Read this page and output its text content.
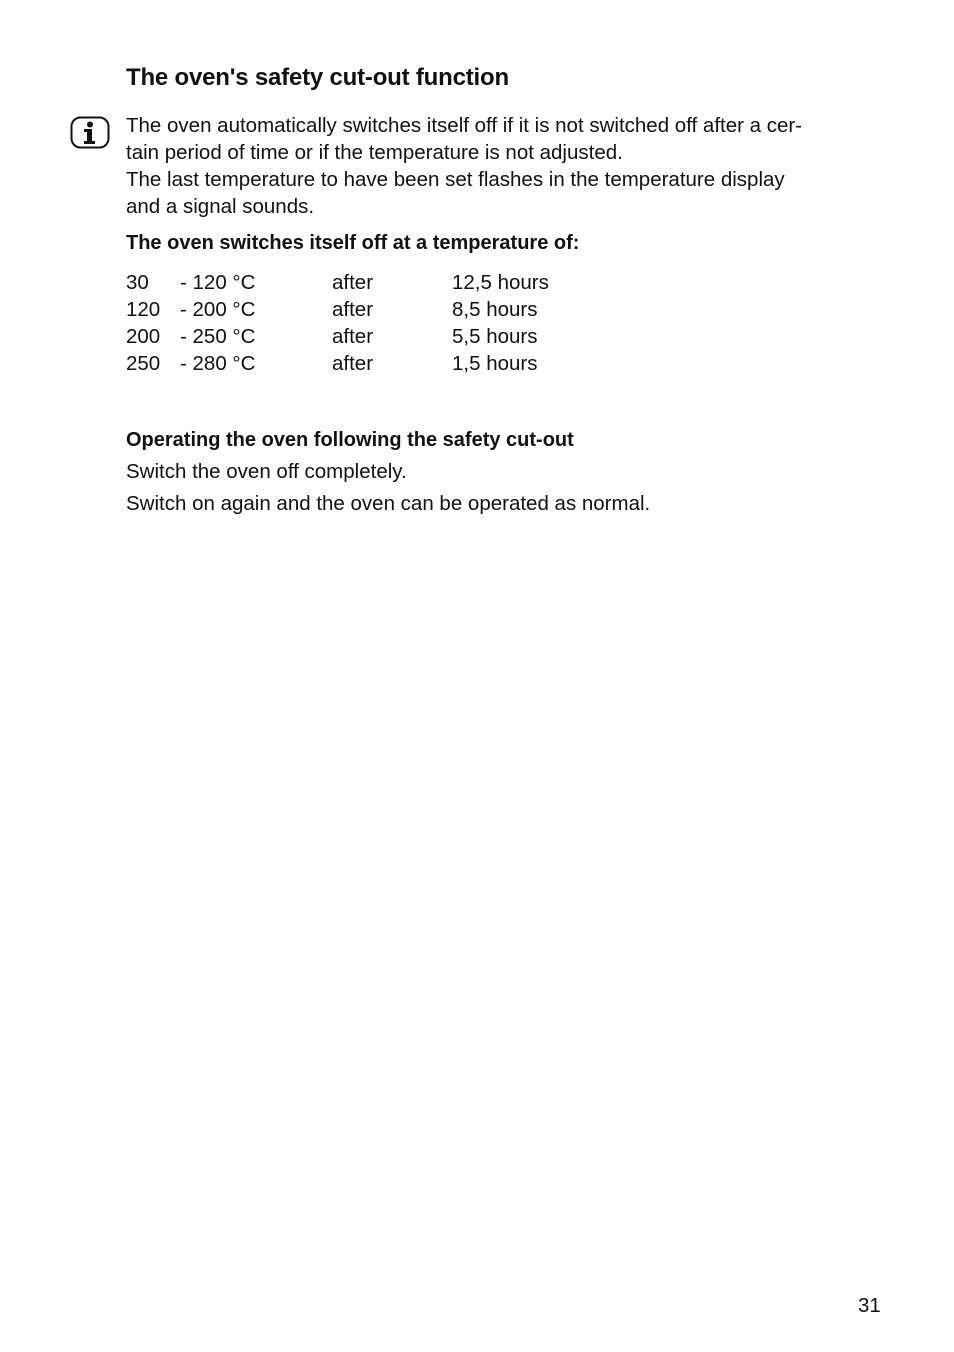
The oven's safety cut-out function
The oven automatically switches itself off if it is not switched off after a cer-
tain period of time or if the temperature is not adjusted.
The last temperature to have been set flashes in the temperature display
and a signal sounds.
The oven switches itself off at a temperature of:
30 - 120 °C	after	12,5 hours
120 - 200 °C	after	8,5 hours
200 - 250 °C	after	5,5 hours
250 - 280 °C	after	1,5 hours
Operating the oven following the safety cut-out
Switch the oven off completely.
Switch on again and the oven can be operated as normal.
31
